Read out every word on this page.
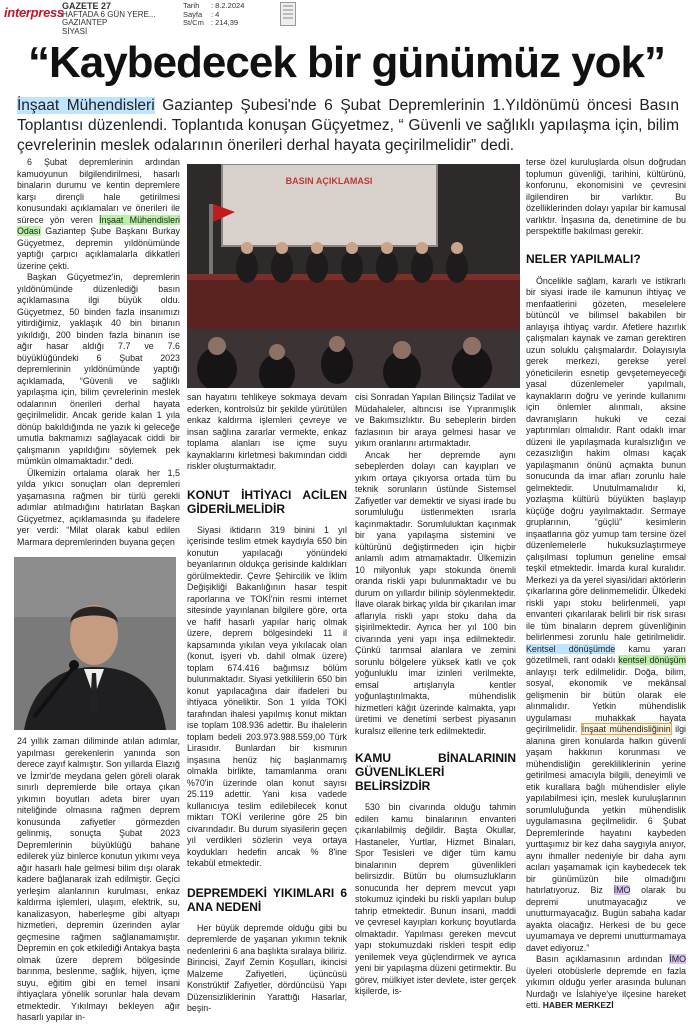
interpress
GAZETE 27
HAFTADA 6 GÜN YERE...
GAZIANTEP
SİYASİ
Tarih : 8.2.2024
Sayfa : 4
St/Cm : 214,39
“Kaybedecek bir günümüz yok”
İnşaat Mühendisleri Gaziantep Şubesi'nde 6 Şubat Depremlerinin 1.Yıldönümü öncesi Basın Toplantısı düzenlendi. Toplantıda konuşan Güçyetmez, “ Güvenli ve sağlıklı yapılaşma için, bilim çevrelerinin meslek odalarının önerileri derhal hayata geçirilmelidir” dedi.
BASIN AÇIKLAMASI

6 Şubat depremlerinin ardından kamuoyunun bilgilendirilmesi, hasarlı binaların durumu ve kentin depremlere karşı dirençli hale getirilmesi konusundaki açıklamaları ve önerileri ile sürece yön veren İnşaat Mühendisleri Odası Gaziantep Şube Başkanı Burkay Güçyetmez, depremin yıldönümünde yaptığı çarpıcı açıklamalarla dikkatleri üzerine çekti.

Başkan Güçyetmez'in, depremlerin yıldönümünde düzenlediği basın açıklamasına ilgi büyük oldu. Güçyetmez, 50 binden fazla insanımızı yitirdiğimiz, yaklaşık 40 bin binanın yıkıldığı, 200 binden fazla binanın ise ağır hasar aldığı 7.7 ve 7.6 büyüklüğündeki 6 Şubat 2023 depremlerinin yıldönümünde yaptığı açıklamada, “Güvenli ve sağlıklı yapılaşma için, bilim çevrelerinin meslek odalarının önerileri derhal hayata geçirilmelidir. Ancak geride kalan 1 yıla dönüp bakıldığında ne yazık ki geleceğe umutla bakmamızı sağlayacak ciddi bir çalışmanın yapıldığını söylemek pek mümkün olmamaktadır.” dedi.

Ülkemizin ortalama olarak her 1,5 yılda yıkıcı sonuçları olan depremleri yaşamasına rağmen bir türlü gerekli adımlar atılmadığını hatırlatan Başkan Güçyetmez, açıklamasında şu ifadelere yer verdi: “Milat olarak kabul edilen Marmara depremlerinden buyana geçen

24 yıllık zaman diliminde atılan adımlar, yapılması gerekenlerin yanında son derece zayıf kalmıştır. Son yıllarda Elazığ ve İzmir'de meydana gelen göreli olarak sınırlı depremlerde bile ortaya çıkan yıkımın boyutları adeta birer uyarı niteliğinde olmasına rağmen deprem konusunda zafiyetler görmezden gelinmiş, sonuçta Şubat 2023 Depremlerinin büyüklüğü bahane edilerek yüz binlerce konutun yıkımı veya ağır hasarlı hale gelmesi bilim dışı olarak kadere bağlanarak izah edilmiştir. Geçici yerleşim alanlarının kurulması, enkaz kaldırma işlemleri, ulaşım, elektrik, su, kanalizasyon, haberleşme gibi altyapı hizmetleri, depremin üzerinden aylar geçmesine rağmen sağlanamamıştır. Depremin en çok etkilediği Antakya başta olmak üzere deprem bölgesinde barınma, beslenme, sağlık, hijyen, içme suyu, eğitim gibi en temel insani ihtiyaçlara yönelik sorunlar hala devam etmektedir. Yıkılmayı bekleyen ağır hasarlı yapılar in-

san hayatını tehlikeye sokmaya devam ederken, kontrolsüz bir şekilde yürütülen enkaz kaldırma işlemleri çevreye ve insan sağlına zararlar vermekte, enkaz toplama alanları ise içme suyu kaynaklarını kirletmesi bakımından ciddi riskler oluşturmaktadır.

KONUT İHTİYACI ACİLEN GİDERİLMELİDİR

Siyasi iktidarın 319 binini 1 yıl içerisinde teslim etmek kaydıyla 650 bin konutun yapılacağı yönündeki beyanlarının oldukça gerisinde kaldıkları görülmektedir. Çevre Şehircilik ve İklim Değişikliği Bakanlığının hasar tespit raporlarına ve TOKİ'nin resmi internet sitesinde yayınlanan bilgilere göre, orta ve hafif hasarlı yapılar hariç olmak üzere, deprem bölgesindeki 11 il kapsamında yıkılan veya yıkılacak olan (konut, işyeri vb. dahil olmak üzere) toplam 674.416 bağımsız bölüm bulunmaktadır. Siyasi yetkililerin 650 bin konut yapılacağına dair ifadeleri bu ihtiyaca yöneliktir. Son 1 yılda TOKİ tarafından ihalesi yapılmış konut miktarı ise toplam 108.936 adettir. Bu ihalelerin toplam bedeli 203.973.988.559,00 Türk Lirasıdır. Bunlardan bir kısmının inşasına henüz hiç başlanmamış olmakla birlikte, tamamlanma oranı %70'in üzerinde olan konut sayısı 25.119 adettir. Yani kısa vadede kullanıcıya teslim edilebilecek konut miktarı TOKİ verilerine göre 25 bin civarındadır. Bu durum siyasilerin geçen yıl verdikleri sözlerin veya ortaya koydukları hedefin ancak % 8'ine tekabül etmektedir.

DEPREMDEKİ YIKIMLARI 6 ANA NEDENİ

Her büyük depremde olduğu gibi bu depremlerde de yaşanan yıkımın teknik nedenlerini 6 ana başlıkta sıralaya biliriz. Birincisi, Zayıf Zemin Koşulları, ikincisi Malzeme Zafiyetleri, üçüncüsü Konstrüktif Zafiyetler, dördüncüsü Yapı Düzensizliklerinin Yarattığı Hasarlar, beşin-

cisi Sonradan Yapılan Bilinçsiz Tadilat ve Müdahaleler, altıncısı ise Yıpranmışlık ve Bakımsızlıktır. Bu sebeplerin birden fazlasının bir araya gelmesi hasar ve yıkım oranlarını artırmaktadır.

Ancak her depremde aynı sebeplerden dolayı can kayıpları ve yıkım ortaya çıkıyorsa ortada tüm bu teknik sorunların üstünde Sistemsel Zafiyetler var demektir ve siyasi irade bu sorumluluğu üstlenmekten ısrarla kaçınmaktadır. Sorumluluktan kaçınmak bir yana yapılaşma sistemini ve kültürünü değiştirmeden için hiçbir anlamlı adım atmamaktadır. Ülkemizin 10 milyonluk yapı stokunda önemli oranda riskli yapı bulunmaktadır ve bu durum on yıllardır bilinip söylenmektedir. İlave olarak birkaç yılda bir çıkarılan imar aflarıyla riskli yapı stoku daha da şişirilmektedir. Ayrıca her yıl 100 bin civarında yeni yapı inşa edilmektedir. Çünkü tarımsal alanlara ve zemini sorunlu bölgelere yüksek katlı ve çok yoğunluklu imar izinleri verilmekte, emsal artışlarıyla kentler yoğunlaştırılmakta, mühendislik hizmetleri kâğıt üzerinde kalmakta, yapı üretimi ve denetimi serbest piyasanın kuralsız ellerine terk edilmektedir.

KAMU BİNALARININ GÜVENLİKLERİ BELİRSİZDİR

530 bin civarında olduğu tahmin edilen kamu binalarının envanteri çıkarılabilmiş değildir. Başta Okullar, Hastaneler, Yurtlar, Hizmet Binaları, Spor Tesisleri ve diğer tüm kamu binalarının deprem güvenlikleri belirsizdir. Bütün bu olumsuzlukların sonucunda her deprem mevcut yapı stokumuz içindeki bu riskli yapıları bulup tahrip etmektedir. Bunun insani, maddi ve çevresel kayıpları korkunç boyutlarda olmaktadır. Yapılması gereken mevcut yapı stokumuzdaki riskleri tespit edip yenilemek veya güçlendirmek ve ayrıca yeni bir yapılaşma düzeni getirmektir. Bu görev, mülkiyet ister devlete, ister gerçek kişilerde, is-

terse özel kuruluşlarda olsun doğrudan toplumun güvenliği, tarihini, kültürünü, konforunu, ekonomisini ve çevresini ilgilendiren bir varlıktır. Bu özelliklerinden dolayı yapılar bir kamusal varlıktır. İnşasına da, denetimine de bu perspektifle bakılması gerekir.

NELER YAPILMALI?

Öncelikle sağlam, kararlı ve istikrarlı bir siyasi irade ile kamunun ihtiyaç ve menfaatlerini gözeten, meselelere bütüncül ve bilimsel bakabilen bir anlayışa ihtiyaç vardır. Afetlere hazırlık çalışmaları kaynak ve zaman gerektiren uzun soluklu çalışmalardır. Dolayısıyla gerek merkezi, gerekse yerel yöneticilerin esnetip gevşetemeyeceği yasal düzenlemeler yapılmalı, kaynakların doğru ve yerinde kullanımı için önlemler alınmalı, aksine davranışların hukuki ve cezai yaptırımları olmalıdır. Rant odaklı imar düzeni ile yapılaşmada kuralsızlığın ve cezasızlığın hakim olması kaçak yapılaşmanın önünü açmakta bunun sonucunda da imar afları zorunlu hale gelmektedir. Unutulmamalıdır ki, yozlaşma kültürü büyükten başlayıp küçüğe doğru yayılmaktadır. Sermaye gruplarının, “güçlü” kesimlerin inşaatlarına göz yumup tam tersine özel düzenlemelerle hukuksuzlaştırmeye çalışılması toplumun geneline emsal teşkil etmektedir. İmarda kural kuralıdır. Merkezi ya da yerel siyasi/idari aktörlerin çıkarlarına göre delinmemelidir. Ülkedeki riskli yapı stoku belirlenmeli, yapı envanteri çıkarılarak belirli bir risk sırası ile tüm binaların deprem güvenliğinin belirlenmesi zorunlu hale getirilmelidir. Kentsel dönüşümde kamu yararı gözetilmeli, rant odaklı kentsel dönüşüm anlayışı terk edilmelidir. Doğa, bilim, sosyal, ekonomik ve mekânsal gelişmenin bir bütün olarak ele alınmalıdır. Yetkin mühendislik uygulaması muhakkak hayata geçirilmelidir. İnşaat mühendisliğinin ilgi alanına giren konularda halkın güvenli yaşam hakkının korunması ve mühendisliğin gerekliliklerinin yerine getirilmesi amacıyla bilgili, deneyimli ve etik kurallara bağlı mühendisler eliyle yapılabilmesi için, meslek kuruluşlarının sorumluluğunda yetkin mühendislik uygulamasına geçilmelidir. 6 Şubat Depremlerinde hayatını kaybeden yurttaşımız bir kez daha saygıyla anıyor, aynı ihmaller nedeniyle bir daha aynı acıları yaşamamak için kaybedecek tek bir günümüzün bile olmadığını hatırlatıyoruz. Biz İMO olarak bu depremi unutmayacağız ve unutturmayacağız. Bugün sabaha kadar ayakta olacağız. Herkesi de bu gece uyumamaya ve depremi unutturmamaya davet ediyoruz.”

Basın açıklamasının ardından İMO üyeleri otobüslerle depremde en fazla yıkımın olduğu yerler arasında bulunan Nurdağı ve İslahiye'ye ilçesine hareket etti. HABER MERKEZİ
